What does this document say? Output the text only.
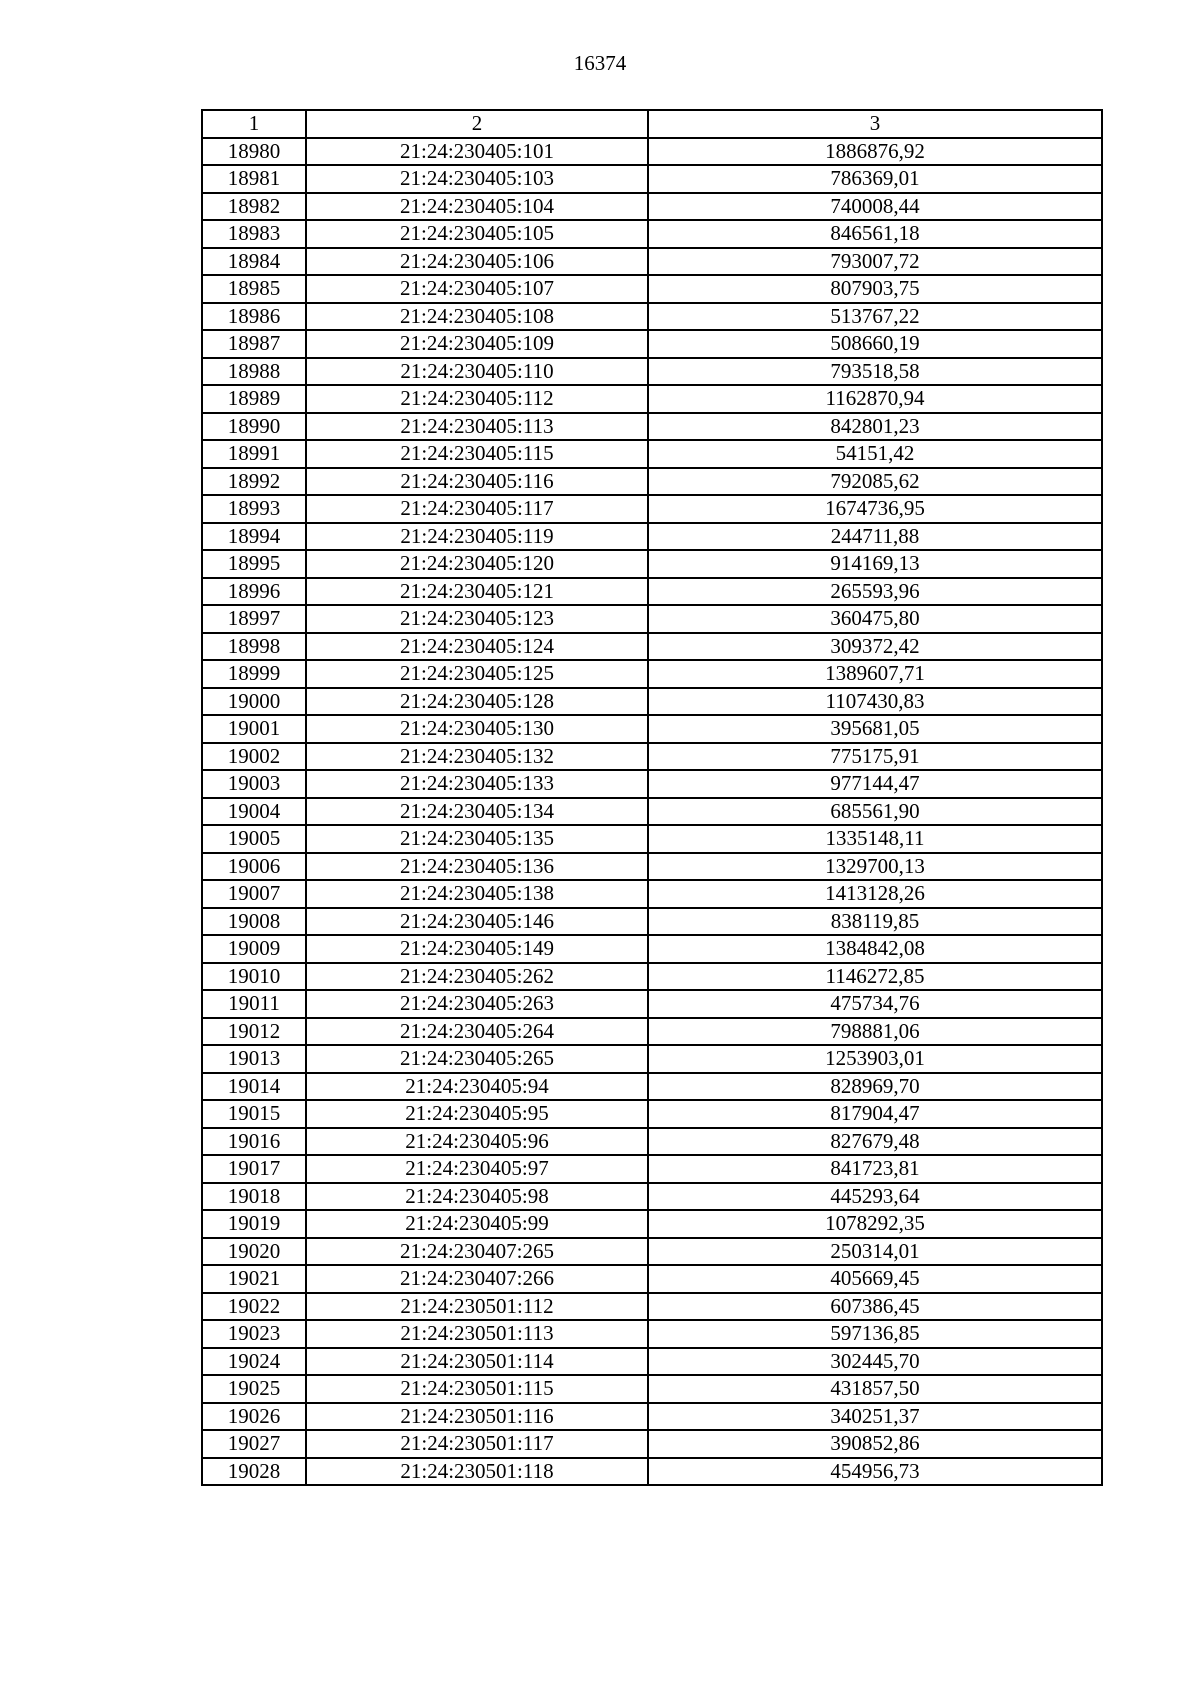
16374
1	2	3
18980	21:24:230405:101	1886876,92
18981	21:24:230405:103	786369,01
18982	21:24:230405:104	740008,44
18983	21:24:230405:105	846561,18
18984	21:24:230405:106	793007,72
18985	21:24:230405:107	807903,75
18986	21:24:230405:108	513767,22
18987	21:24:230405:109	508660,19
18988	21:24:230405:110	793518,58
18989	21:24:230405:112	1162870,94
18990	21:24:230405:113	842801,23
18991	21:24:230405:115	54151,42
18992	21:24:230405:116	792085,62
18993	21:24:230405:117	1674736,95
18994	21:24:230405:119	244711,88
18995	21:24:230405:120	914169,13
18996	21:24:230405:121	265593,96
18997	21:24:230405:123	360475,80
18998	21:24:230405:124	309372,42
18999	21:24:230405:125	1389607,71
19000	21:24:230405:128	1107430,83
19001	21:24:230405:130	395681,05
19002	21:24:230405:132	775175,91
19003	21:24:230405:133	977144,47
19004	21:24:230405:134	685561,90
19005	21:24:230405:135	1335148,11
19006	21:24:230405:136	1329700,13
19007	21:24:230405:138	1413128,26
19008	21:24:230405:146	838119,85
19009	21:24:230405:149	1384842,08
19010	21:24:230405:262	1146272,85
19011	21:24:230405:263	475734,76
19012	21:24:230405:264	798881,06
19013	21:24:230405:265	1253903,01
19014	21:24:230405:94	828969,70
19015	21:24:230405:95	817904,47
19016	21:24:230405:96	827679,48
19017	21:24:230405:97	841723,81
19018	21:24:230405:98	445293,64
19019	21:24:230405:99	1078292,35
19020	21:24:230407:265	250314,01
19021	21:24:230407:266	405669,45
19022	21:24:230501:112	607386,45
19023	21:24:230501:113	597136,85
19024	21:24:230501:114	302445,70
19025	21:24:230501:115	431857,50
19026	21:24:230501:116	340251,37
19027	21:24:230501:117	390852,86
19028	21:24:230501:118	454956,73
